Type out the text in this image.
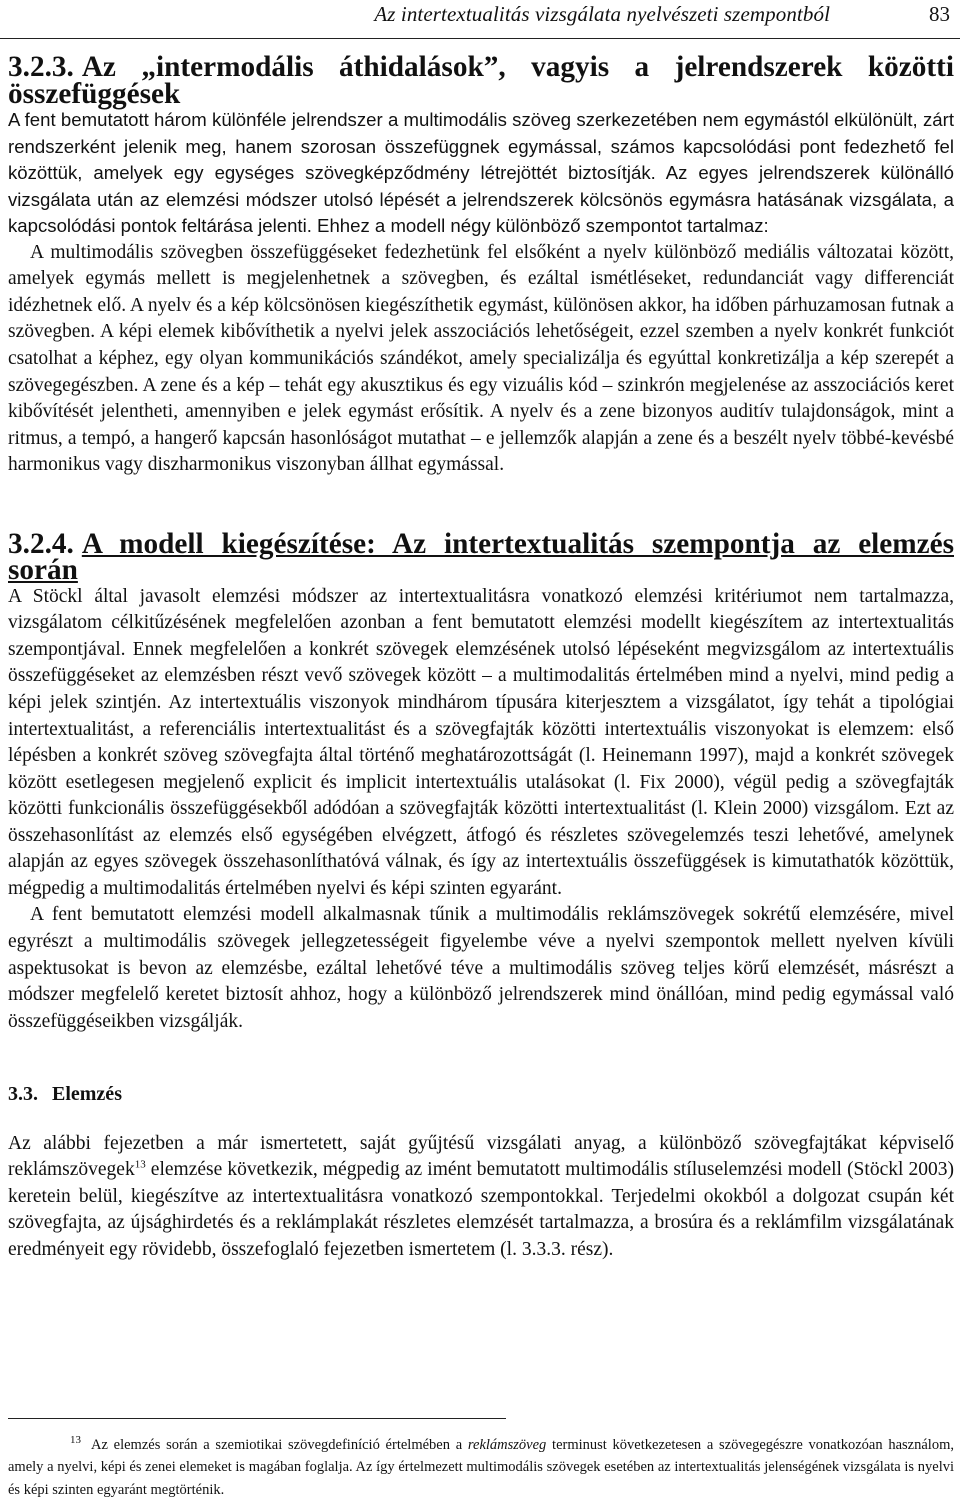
Az intertextualitás vizsgálata nyelvészeti szempontból	83
3.2.3. Az „intermodális áthidalások”, vagyis a jelrendszerek közötti összefüggések

A fent bemutatott három különféle jelrendszer a multimodális szöveg szerkezetében nem egymástól elkülönült, zárt rendszerként jelenik meg, hanem szorosan összefüggnek egymással, számos kapcsolódási pont fedezhető fel közöttük, amelyek egy egységes szövegképződmény létrejöttét biztosítják. Az egyes jelrendszerek különálló vizsgálata után az elemzési módszer utolsó lépését a jelrendszerek kölcsönös egymásra hatásának vizsgálata, a kapcsolódási pontok feltárása jelenti. Ehhez a modell négy különböző szempontot tartalmaz:

A multimodális szövegben összefüggéseket fedezhetünk fel elsőként a nyelv különböző mediális változatai között, amelyek egymás mellett is megjelenhetnek a szövegben, és ezáltal ismétléseket, redundanciát vagy differenciát idézhetnek elő. A nyelv és a kép kölcsönösen kiegészíthetik egymást, különösen akkor, ha időben párhuzamosan futnak a szövegben. A képi elemek kibővíthetik a nyelvi jelek asszociációs lehetőségeit, ezzel szemben a nyelv konkrét funkciót csatolhat a képhez, egy olyan kommunikációs szándékot, amely specializálja és egyúttal konkretizálja a kép szerepét a szövegegészben. A zene és a kép – tehát egy akusztikus és egy vizuális kód – szinkrón megjelenése az asszociációs keret kibővítését jelentheti, amennyiben e jelek egymást erősítik. A nyelv és a zene bizonyos auditív tulajdonságok, mint a ritmus, a tempó, a hangerő kapcsán hasonlóságot mutathat – e jellemzők alapján a zene és a beszélt nyelv többé-kevésbé harmonikus vagy diszharmonikus viszonyban állhat egymással.

3.2.4. A modell kiegészítése: Az intertextualitás szempontja az elemzés során

A Stöckl által javasolt elemzési módszer az intertextualitásra vonatkozó elemzési kritériumot nem tartalmazza, vizsgálatom célkitűzésének megfelelően azonban a fent bemutatott elemzési modellt kiegészítem az intertextualitás szempontjával. Ennek megfelelően a konkrét szövegek elemzésének utolsó lépéseként megvizsgálom az intertextuális összefüggéseket az elemzésben részt vevő szövegek között – a multimodalitás értelmében mind a nyelvi, mind pedig a képi jelek szintjén. Az intertextuális viszonyok mindhárom típusára kiterjesztem a vizsgálatot, így tehát a tipológiai intertextualitást, a referenciális intertextualitást és a szövegfajták közötti intertextuális viszonyokat is elemzem: első lépésben a konkrét szöveg szövegfajta által történő meghatározottságát (l. Heinemann 1997), majd a konkrét szövegek között esetlegesen megjelenő explicit és implicit intertextuális utalásokat (l. Fix 2000), végül pedig a szövegfajták közötti funkcionális összefüggésekből adódóan a szövegfajták közötti intertextualitást (l. Klein 2000) vizsgálom. Ezt az összehasonlítást az elemzés első egységében elvégzett, átfogó és részletes szövegelemzés teszi lehetővé, amelynek alapján az egyes szövegek összehasonlíthatóvá válnak, és így az intertextuális összefüggések is kimutathatók közöttük, mégpedig a multimodalitás értelmében nyelvi és képi szinten egyaránt.

A fent bemutatott elemzési modell alkalmasnak tűnik a multimodális reklámszövegek sokrétű elemzésére, mivel egyrészt a multimodális szövegek jellegzetességeit figyelembe véve a nyelvi szempontok mellett nyelven kívüli aspektusokat is bevon az elemzésbe, ezáltal lehetővé téve a multimodális szöveg teljes körű elemzését, másrészt a módszer megfelelő keretet biztosít ahhoz, hogy a különböző jelrendszerek mind önállóan, mind pedig egymással való összefüggéseikben vizsgálják.

3.3. Elemzés

Az alábbi fejezetben a már ismertetett, saját gyűjtésű vizsgálati anyag, a különböző szövegfajtákat képviselő reklámszövegek$^{13}$ elemzése következik, mégpedig az imént bemutatott multimodális stíluselemzési modell (Stöckl 2003) keretein belül, kiegészítve az intertextualitásra vonatkozó szempontokkal. Terjedelmi okokból a dolgozat csupán két szövegfajta, az újsághirdetés és a reklámplakát részletes elemzését tartalmazza, a brosúra és a reklámfilm vizsgálatának eredményeit egy rövidebb, összefoglaló fejezetben ismertetem (l. 3.3.3. rész).

$^{13}$ Az elemzés során a szemiotikai szövegdefiníció értelmében a reklámszöveg terminust következetesen a szövegegészre vonatkozóan használom, amely a nyelvi, képi és zenei elemeket is magában foglalja. Az így értelmezett multimodális szövegek esetében az intertextualitás jelenségének vizsgálata is nyelvi és képi szinten egyaránt megtörténik.
